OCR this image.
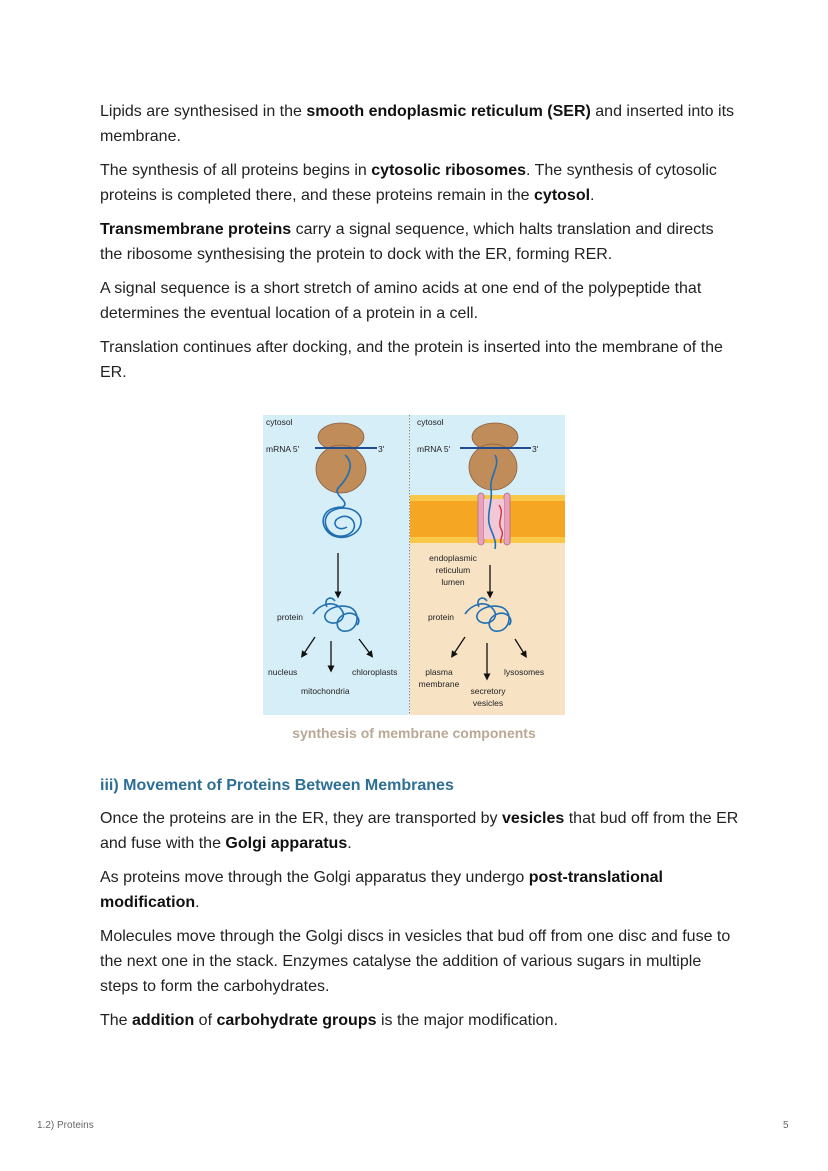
Lipids are synthesised in the smooth endoplasmic reticulum (SER) and inserted into its membrane.

The synthesis of all proteins begins in cytosolic ribosomes. The synthesis of cytosolic proteins is completed there, and these proteins remain in the cytosol.

Transmembrane proteins carry a signal sequence, which halts translation and directs the ribosome synthesising the protein to dock with the ER, forming RER.

A signal sequence is a short stretch of amino acids at one end of the polypeptide that determines the eventual location of a protein in a cell.

Translation continues after docking, and the protein is inserted into the membrane of the ER.

cytosol
mRNA 5'	3'
protein
nucleus
mitochondria
chloroplasts
cytosol
mRNA 5'	3'
endoplasmic
reticulum
lumen
protein
plasma
membrane
secretory
vesicles
lysosomes
synthesis of membrane components
iii) Movement of Proteins Between Membranes

Once the proteins are in the ER, they are transported by vesicles that bud off from the ER and fuse with the Golgi apparatus.

As proteins move through the Golgi apparatus they undergo post-translational modification.

Molecules move through the Golgi discs in vesicles that bud off from one disc and fuse to the next one in the stack. Enzymes catalyse the addition of various sugars in multiple steps to form the carbohydrates.

The addition of carbohydrate groups is the major modification.

1.2) Proteins	5
